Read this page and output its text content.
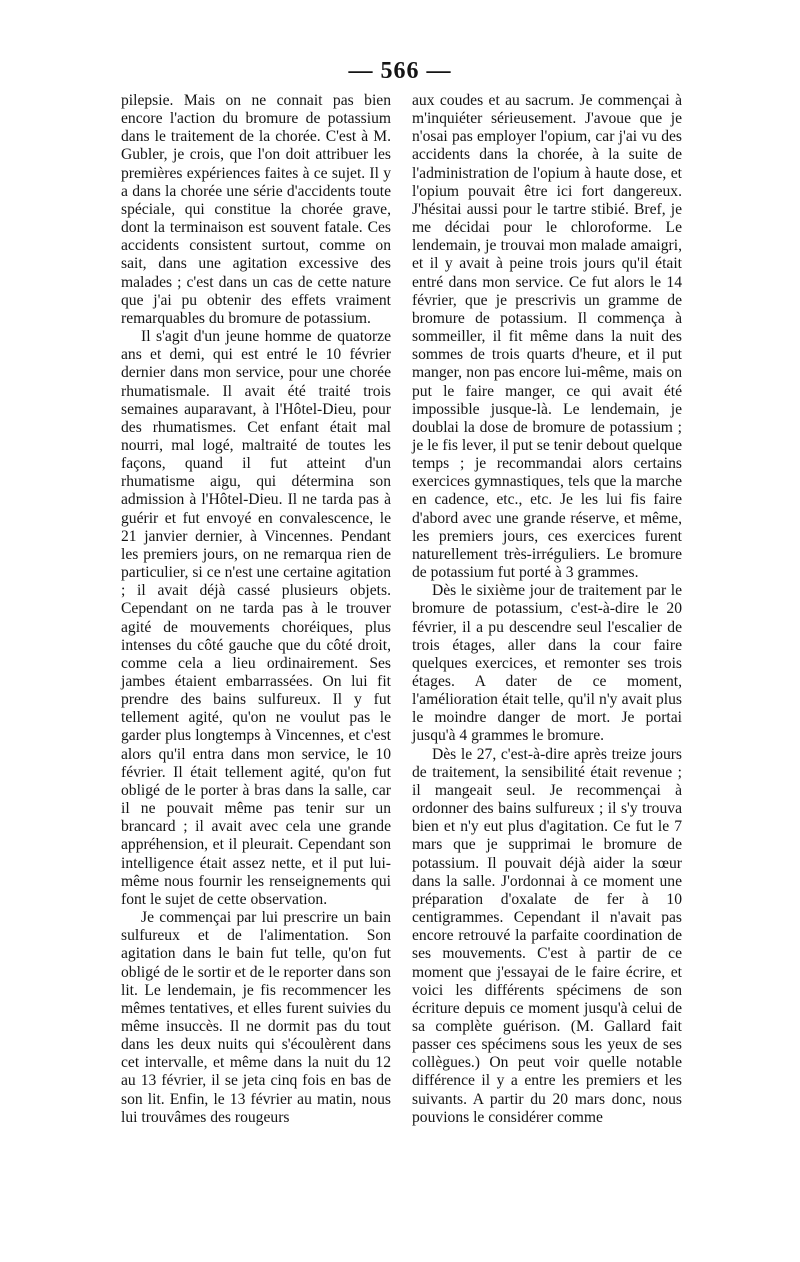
— 566 —

pilepsie. Mais on ne connait pas bien encore l'action du bromure de potassium dans le traitement de la chorée. C'est à M. Gubler, je crois, que l'on doit attribuer les premières expériences faites à ce sujet. Il y a dans la chorée une série d'accidents toute spéciale, qui constitue la chorée grave, dont la terminaison est souvent fatale. Ces accidents consistent surtout, comme on sait, dans une agitation excessive des malades ; c'est dans un cas de cette nature que j'ai pu obtenir des effets vraiment remarquables du bromure de potassium.

Il s'agit d'un jeune homme de quatorze ans et demi, qui est entré le 10 février dernier dans mon service, pour une chorée rhumatismale. Il avait été traité trois semaines auparavant, à l'Hôtel-Dieu, pour des rhumatismes. Cet enfant était mal nourri, mal logé, maltraité de toutes les façons, quand il fut atteint d'un rhumatisme aigu, qui détermina son admission à l'Hôtel-Dieu. Il ne tarda pas à guérir et fut envoyé en convalescence, le 21 janvier dernier, à Vincennes. Pendant les premiers jours, on ne remarqua rien de particulier, si ce n'est une certaine agitation ; il avait déjà cassé plusieurs objets. Cependant on ne tarda pas à le trouver agité de mouvements choréiques, plus intenses du côté gauche que du côté droit, comme cela a lieu ordinairement. Ses jambes étaient embarrassées. On lui fit prendre des bains sulfureux. Il y fut tellement agité, qu'on ne voulut pas le garder plus longtemps à Vincennes, et c'est alors qu'il entra dans mon service, le 10 février. Il était tellement agité, qu'on fut obligé de le porter à bras dans la salle, car il ne pouvait même pas tenir sur un brancard ; il avait avec cela une grande appréhension, et il pleurait. Cependant son intelligence était assez nette, et il put lui-même nous fournir les renseignements qui font le sujet de cette observation.

Je commençai par lui prescrire un bain sulfureux et de l'alimentation. Son agitation dans le bain fut telle, qu'on fut obligé de le sortir et de le reporter dans son lit. Le lendemain, je fis recommencer les mêmes tentatives, et elles furent suivies du même insuccès. Il ne dormit pas du tout dans les deux nuits qui s'écoulèrent dans cet intervalle, et même dans la nuit du 12 au 13 février, il se jeta cinq fois en bas de son lit. Enfin, le 13 février au matin, nous lui trouvâmes des rougeurs

aux coudes et au sacrum. Je commençai à m'inquiéter sérieusement. J'avoue que je n'osai pas employer l'opium, car j'ai vu des accidents dans la chorée, à la suite de l'administration de l'opium à haute dose, et l'opium pouvait être ici fort dangereux. J'hésitai aussi pour le tartre stibié. Bref, je me décidai pour le chloroforme. Le lendemain, je trouvai mon malade amaigri, et il y avait à peine trois jours qu'il était entré dans mon service. Ce fut alors le 14 février, que je prescrivis un gramme de bromure de potassium. Il commença à sommeiller, il fit même dans la nuit des sommes de trois quarts d'heure, et il put manger, non pas encore lui-même, mais on put le faire manger, ce qui avait été impossible jusque-là. Le lendemain, je doublai la dose de bromure de potassium ; je le fis lever, il put se tenir debout quelque temps ; je recommandai alors certains exercices gymnastiques, tels que la marche en cadence, etc., etc. Je les lui fis faire d'abord avec une grande réserve, et même, les premiers jours, ces exercices furent naturellement très-irréguliers. Le bromure de potassium fut porté à 3 grammes.

Dès le sixième jour de traitement par le bromure de potassium, c'est-à-dire le 20 février, il a pu descendre seul l'escalier de trois étages, aller dans la cour faire quelques exercices, et remonter ses trois étages. A dater de ce moment, l'amélioration était telle, qu'il n'y avait plus le moindre danger de mort. Je portai jusqu'à 4 grammes le bromure.

Dès le 27, c'est-à-dire après treize jours de traitement, la sensibilité était revenue ; il mangeait seul. Je recommençai à ordonner des bains sulfureux ; il s'y trouva bien et n'y eut plus d'agitation. Ce fut le 7 mars que je supprimai le bromure de potassium. Il pouvait déjà aider la sœur dans la salle. J'ordonnai à ce moment une préparation d'oxalate de fer à 10 centigrammes. Cependant il n'avait pas encore retrouvé la parfaite coordination de ses mouvements. C'est à partir de ce moment que j'essayai de le faire écrire, et voici les différents spécimens de son écriture depuis ce moment jusqu'à celui de sa complète guérison. (M. Gallard fait passer ces spécimens sous les yeux de ses collègues.) On peut voir quelle notable différence il y a entre les premiers et les suivants. A partir du 20 mars donc, nous pouvions le considérer comme
